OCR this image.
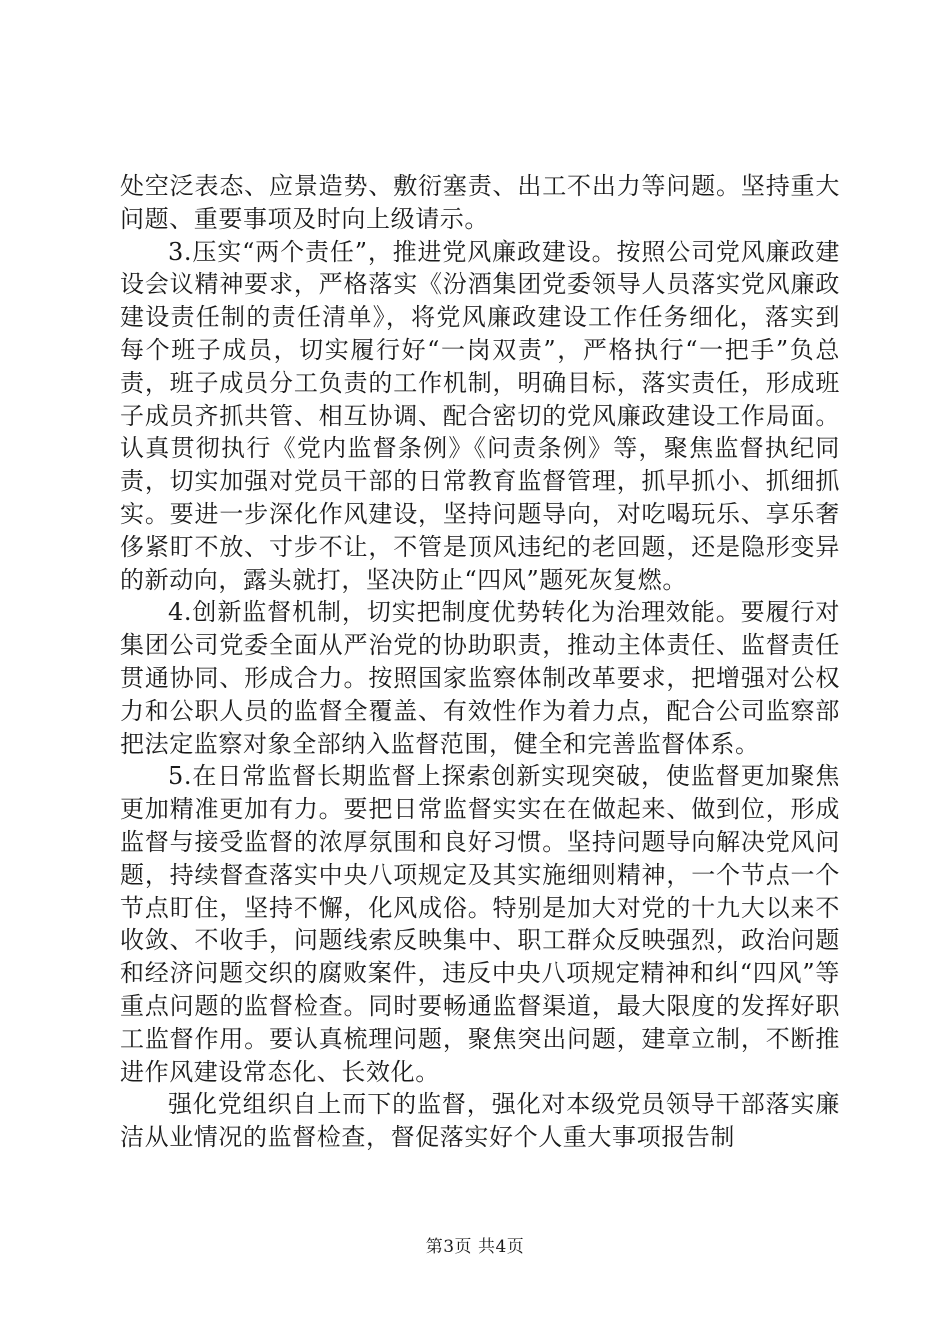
处空泛表态、应景造势、敷衍塞责、出工不出力等问题。坚持重大问题、重要事项及时向上级请示。

3.压实“两个责任”，推进党风廉政建设。按照公司党风廉政建设会议精神要求，严格落实《汾酒集团党委领导人员落实党风廉政建设责任制的责任清单》，将党风廉政建设工作任务细化，落实到每个班子成员，切实履行好“一岗双责”，严格执行“一把手”负总责，班子成员分工负责的工作机制，明确目标，落实责任，形成班子成员齐抓共管、相互协调、配合密切的党风廉政建设工作局面。认真贯彻执行《党内监督条例》《问责条例》等，聚焦监督执纪同责，切实加强对党员干部的日常教育监督管理，抓早抓小、抓细抓实。要进一步深化作风建设，坚持问题导向，对吃喝玩乐、享乐奢侈紧盯不放、寸步不让，不管是顶风违纪的老回题，还是隐形变异的新动向，露头就打，坚决防止“四风”题死灰复燃。

4.创新监督机制，切实把制度优势转化为治理效能。要履行对集团公司党委全面从严治党的协助职责，推动主体责任、监督责任贯通协同、形成合力。按照国家监察体制改革要求，把增强对公权力和公职人员的监督全覆盖、有效性作为着力点，配合公司监察部把法定监察对象全部纳入监督范围，健全和完善监督体系。

5.在日常监督长期监督上探索创新实现突破，使监督更加聚焦更加精准更加有力。要把日常监督实实在在做起来、做到位，形成监督与接受监督的浓厚氛围和良好习惯。坚持问题导向解决党风问题，持续督查落实中央八项规定及其实施细则精神，一个节点一个节点盯住，坚持不懈，化风成俗。特别是加大对党的十九大以来不收敛、不收手，问题线索反映集中、职工群众反映强烈，政治问题和经济问题交织的腐败案件，违反中央八项规定精神和纠“四风”等重点问题的监督检查。同时要畅通监督渠道，最大限度的发挥好职工监督作用。要认真梳理问题，聚焦突出问题，建章立制，不断推进作风建设常态化、长效化。

强化党组织自上而下的监督，强化对本级党员领导干部落实廉洁从业情况的监督检查，督促落实好个人重大事项报告制

第3页 共4页
